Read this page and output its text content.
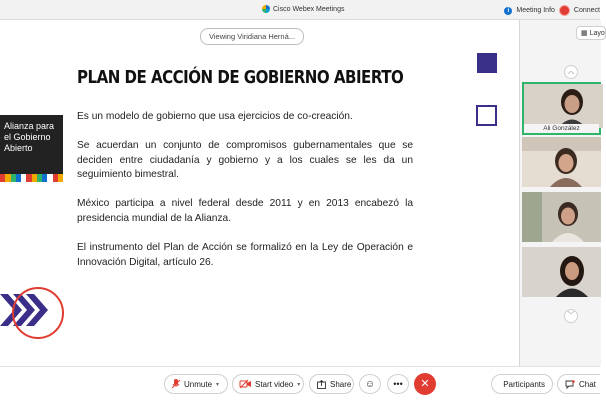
Cisco Webex Meetings	i	Meeting Info	Connect
Viewing Viridiana Herná...
PLAN DE ACCIÓN DE GOBIERNO ABIERTO

Es un modelo de gobierno que usa ejercicios de co-creación.

Se acuerdan un conjunto de compromisos gubernamentales que se deciden entre ciudadanía y gobierno y a los cuales se les da un seguimiento bimestral.

México participa a nivel federal desde 2011 y en 2013 encabezó la presidencia mundial de la Alianza.

El instrumento del Plan de Acción se formalizó en la Ley de Operación e Innovación Digital, artículo 26.

Alianza para el Gobierno Abierto

▦ Layo
︿
Ali González
﹀
Unmute ▾	Start video ▾	Share ☺ •••	✕	Participants	Chat
